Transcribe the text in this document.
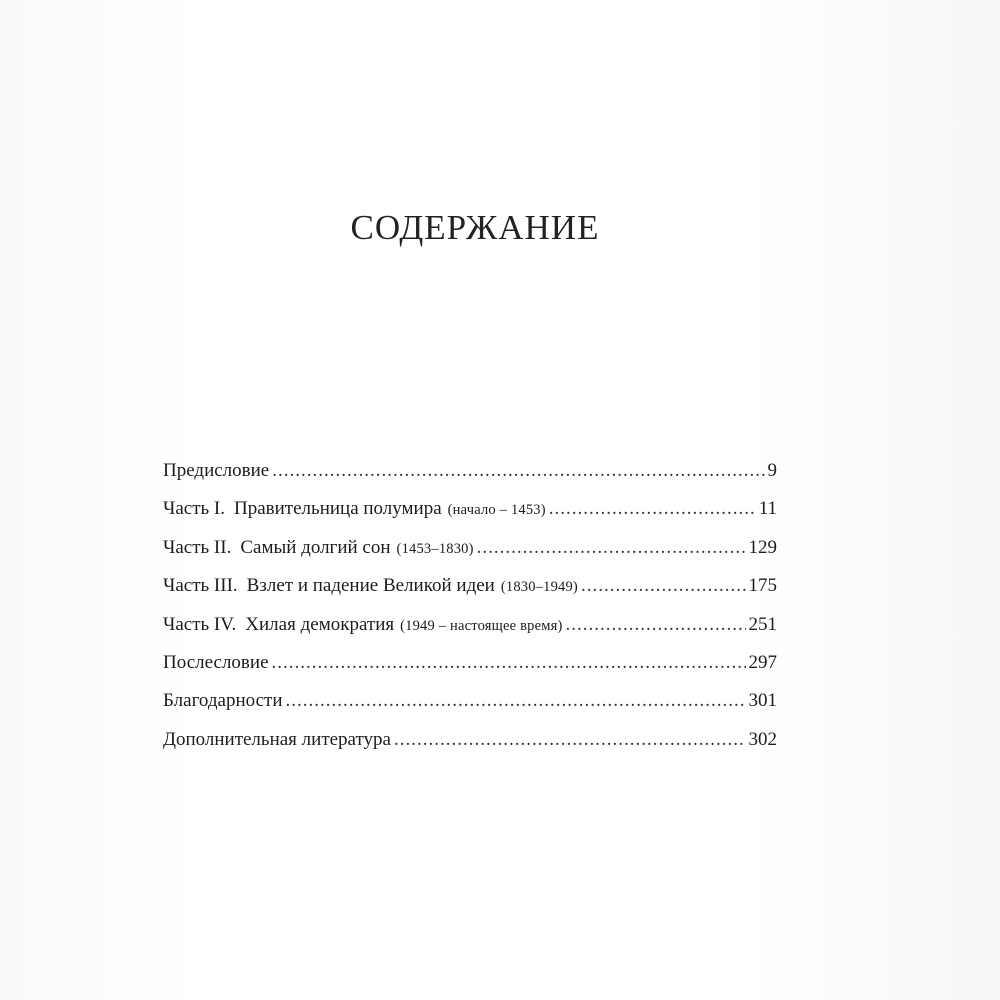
СОДЕРЖАНИЕ
Предисловие .....	9
Часть I. Правительница полумира (начало – 1453) .....	11
Часть II. Самый долгий сон (1453–1830) .....	129
Часть III. Взлет и падение Великой идеи (1830–1949) .....	175
Часть IV. Хилая демократия (1949 – настоящее время) .....	251
Послесловие .....	297
Благодарности .....	301
Дополнительная литература .....	302
